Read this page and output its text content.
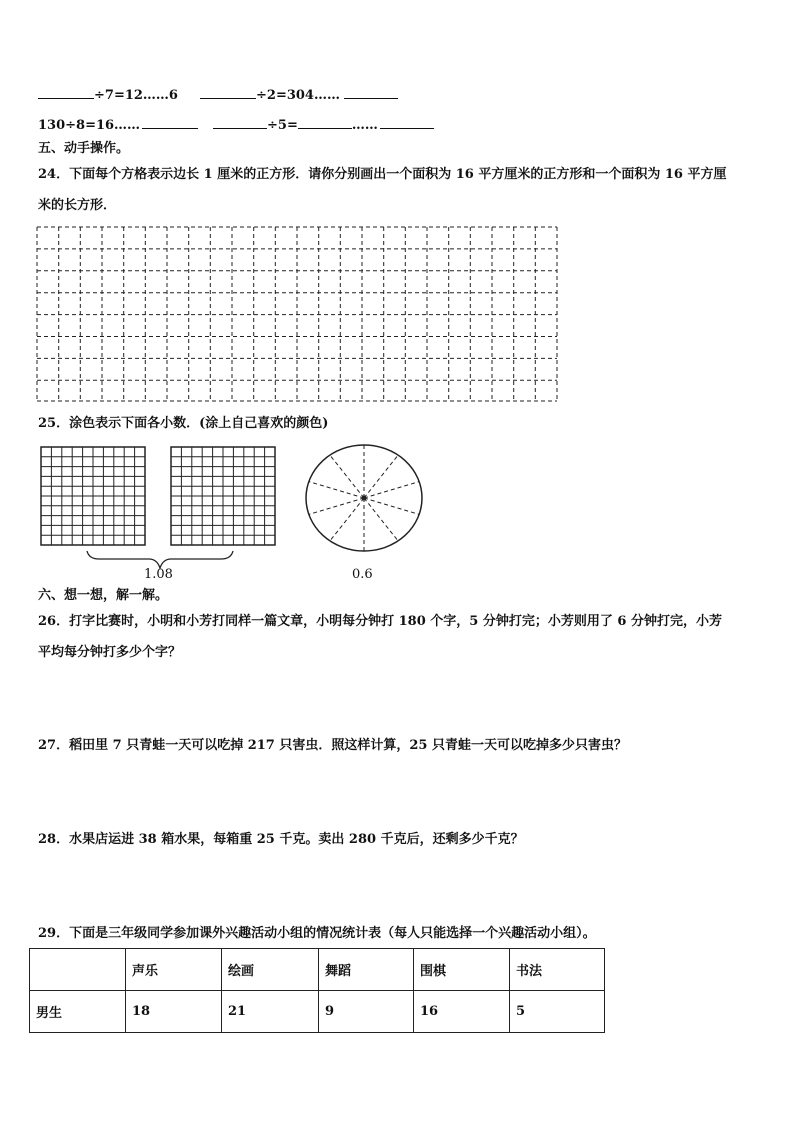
÷7=12……6	÷2=304……
130÷8=16……	÷5=	……
五、动手操作。
24．下面每个方格表示边长 1 厘米的正方形．请你分别画出一个面积为 16 平方厘米的正方形和一个面积为 16 平方厘
米的长方形．
25．涂色表示下面各小数．(涂上自己喜欢的颜色)
1.08	0.6
六、想一想，解一解。
26．打字比赛时，小明和小芳打同样一篇文章，小明每分钟打 180 个字，5 分钟打完；小芳则用了 6 分钟打完，小芳
平均每分钟打多少个字？
27．稻田里 7 只青蛙一天可以吃掉 217 只害虫．照这样计算，25 只青蛙一天可以吃掉多少只害虫？
28．水果店运进 38 箱水果，每箱重 25 千克。卖出 280 千克后，还剩多少千克？
29．下面是三年级同学参加课外兴趣活动小组的情况统计表（每人只能选择一个兴趣活动小组）。
	声乐	绘画	舞蹈	围棋	书法
男生	18	21	9	16	5
